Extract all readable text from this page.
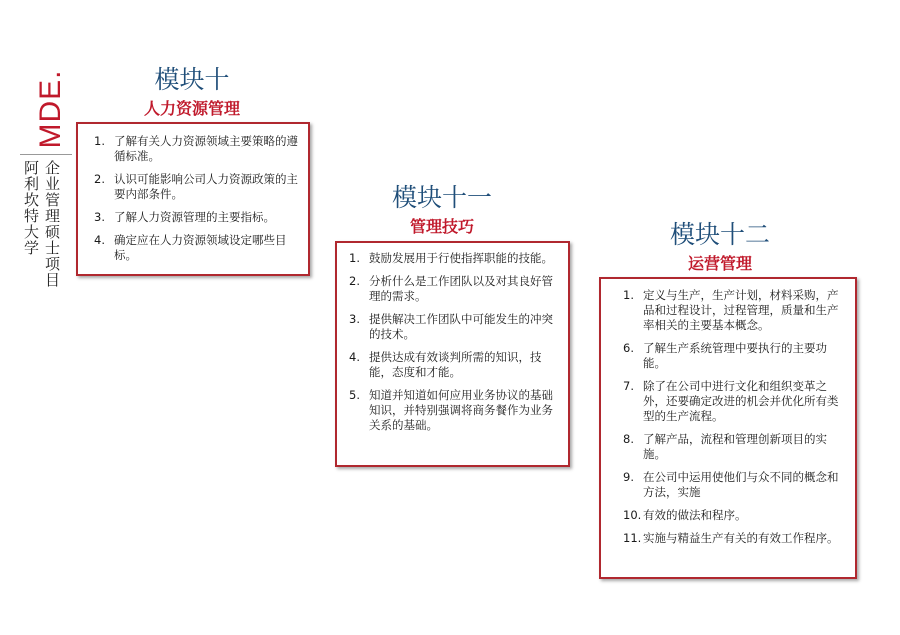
MDE.
企业管理硕士项目
阿利坎特大学
模块十
人力资源管理
1. 了解有关人力资源领域主要策略的遵循标准。
2. 认识可能影响公司人力资源政策的主要内部条件。
3. 了解人力资源管理的主要指标。
4. 确定应在人力资源领域设定哪些目标。
模块十一
管理技巧
1. 鼓励发展用于行使指挥职能的技能。
2. 分析什么是工作团队以及对其良好管理的需求。
3. 提供解决工作团队中可能发生的冲突的技术。
4. 提供达成有效谈判所需的知识，技能，态度和才能。
5. 知道并知道如何应用业务协议的基础知识，并特别强调将商务餐作为业务关系的基础。
模块十二
运营管理
1. 定义与生产，生产计划，材料采购，产品和过程设计，过程管理，质量和生产率相关的主要基本概念。
6. 了解生产系统管理中要执行的主要功能。
7. 除了在公司中进行文化和组织变革之外，还要确定改进的机会并优化所有类型的生产流程。
8. 了解产品，流程和管理创新项目的实施。
9. 在公司中运用使他们与众不同的概念和方法，实施
10. 有效的做法和程序。
11. 实施与精益生产有关的有效工作程序。
